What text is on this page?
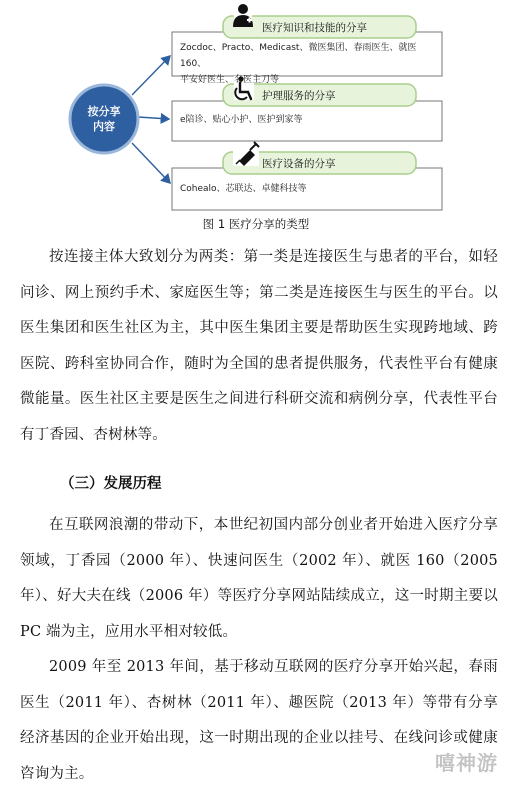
按分享
内容
医疗知识和技能的分享
护理服务的分享
医疗设备的分享
Zocdoc、Practo、Medicast、微医集团、春雨医生、就医160、
平安好医生、名医主刀等
e陪诊、贴心小护、医护到家等
Cohealo、芯联达、卓健科技等
图 1 医疗分享的类型

按连接主体大致划分为两类：第一类是连接医生与患者的平台，如轻问诊、网上预约手术、家庭医生等；第二类是连接医生与医生的平台。以医生集团和医生社区为主，其中医生集团主要是帮助医生实现跨地域、跨医院、跨科室协同合作，随时为全国的患者提供服务，代表性平台有健康微能量。医生社区主要是医生之间进行科研交流和病例分享，代表性平台有丁香园、杏树林等。

（三）发展历程

在互联网浪潮的带动下，本世纪初国内部分创业者开始进入医疗分享领域，丁香园（2000 年）、快速问医生（2002 年）、就医 160（2005 年）、好大夫在线（2006 年）等医疗分享网站陆续成立，这一时期主要以 PC 端为主，应用水平相对较低。

2009 年至 2013 年间，基于移动互联网的医疗分享开始兴起，春雨医生（2011 年）、杏树林（2011 年）、趣医院（2013 年）等带有分享经济基因的企业开始出现，这一时期出现的企业以挂号、在线问诊或健康咨询为主。	嘻神游
